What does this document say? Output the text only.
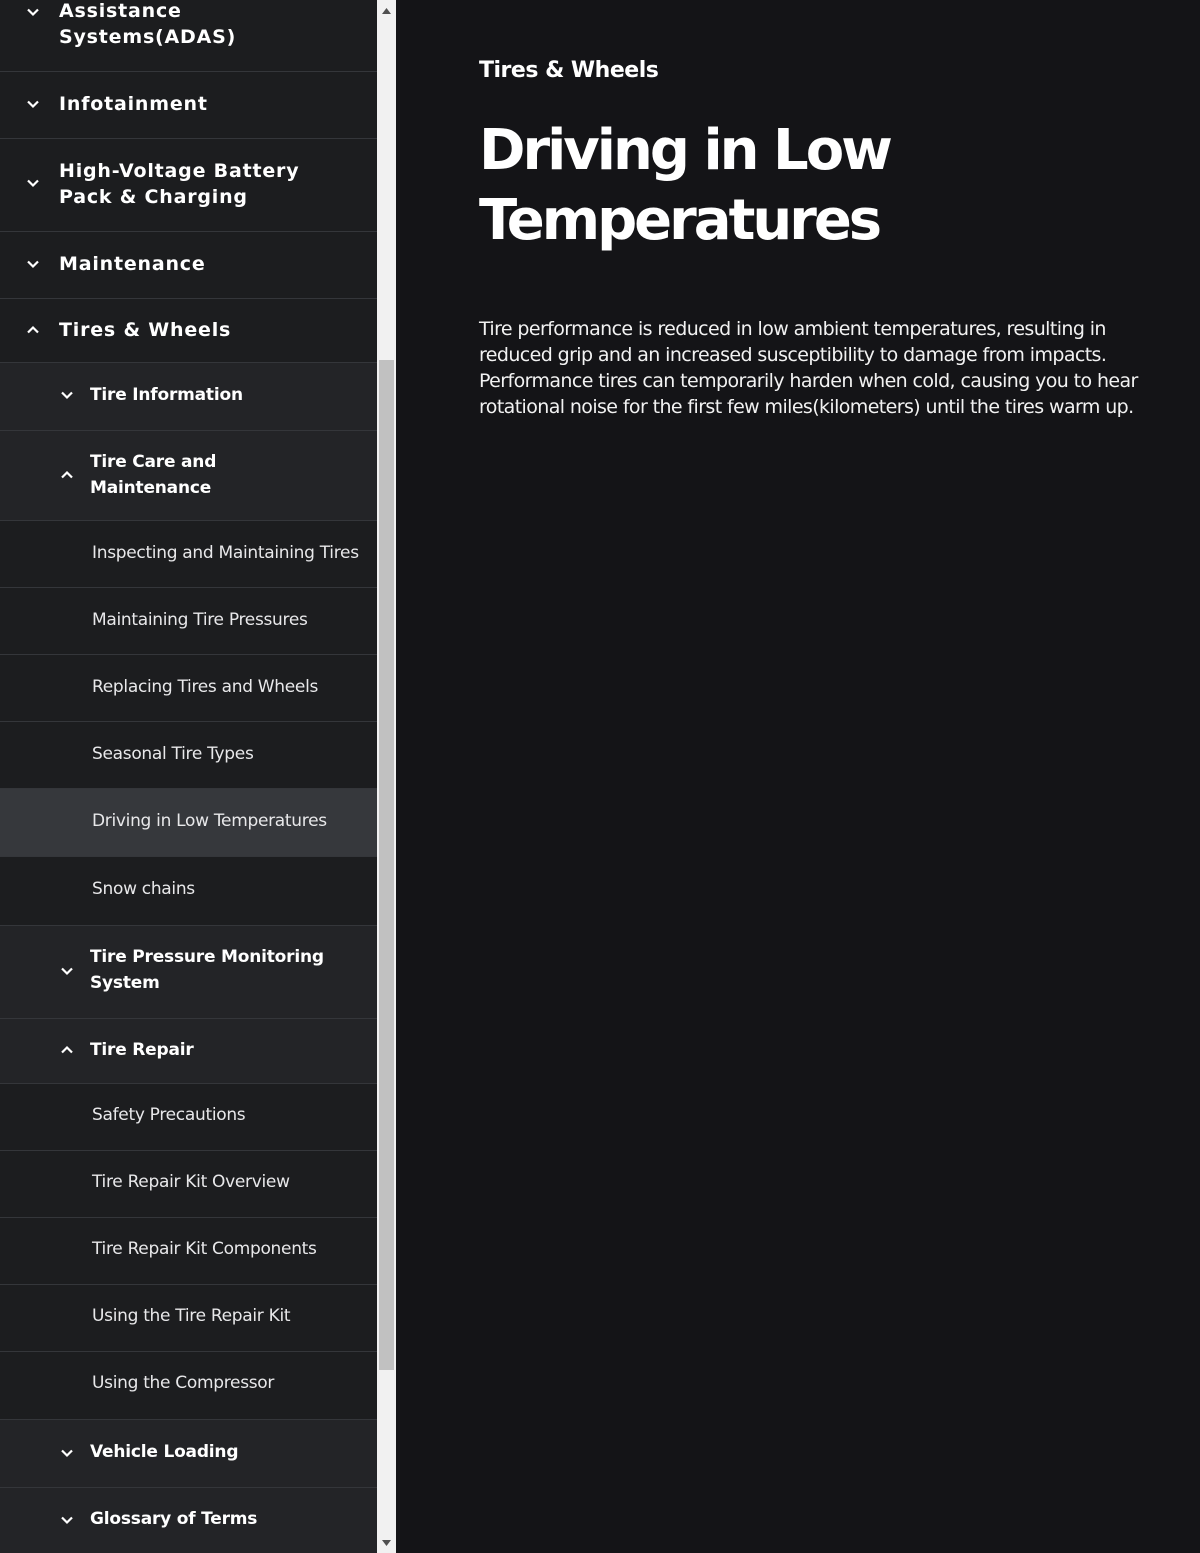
Assistance
Systems(ADAS)
Infotainment
High-Voltage Battery
Pack & Charging
Maintenance
Tires & Wheels
Tire Information
Tire Care and
Maintenance
Inspecting and Maintaining Tires
Maintaining Tire Pressures
Replacing Tires and Wheels
Seasonal Tire Types
Driving in Low Temperatures
Snow chains
Tire Pressure Monitoring
System
Tire Repair
Safety Precautions
Tire Repair Kit Overview
Tire Repair Kit Components
Using the Tire Repair Kit
Using the Compressor
Vehicle Loading
Glossary of Terms
Tires & Wheels
Driving in Low
Temperatures
Tire performance is reduced in low ambient temperatures, resulting in reduced grip and an increased susceptibility to damage from impacts. Performance tires can temporarily harden when cold, causing you to hear rotational noise for the first few miles(kilometers) until the tires warm up.
